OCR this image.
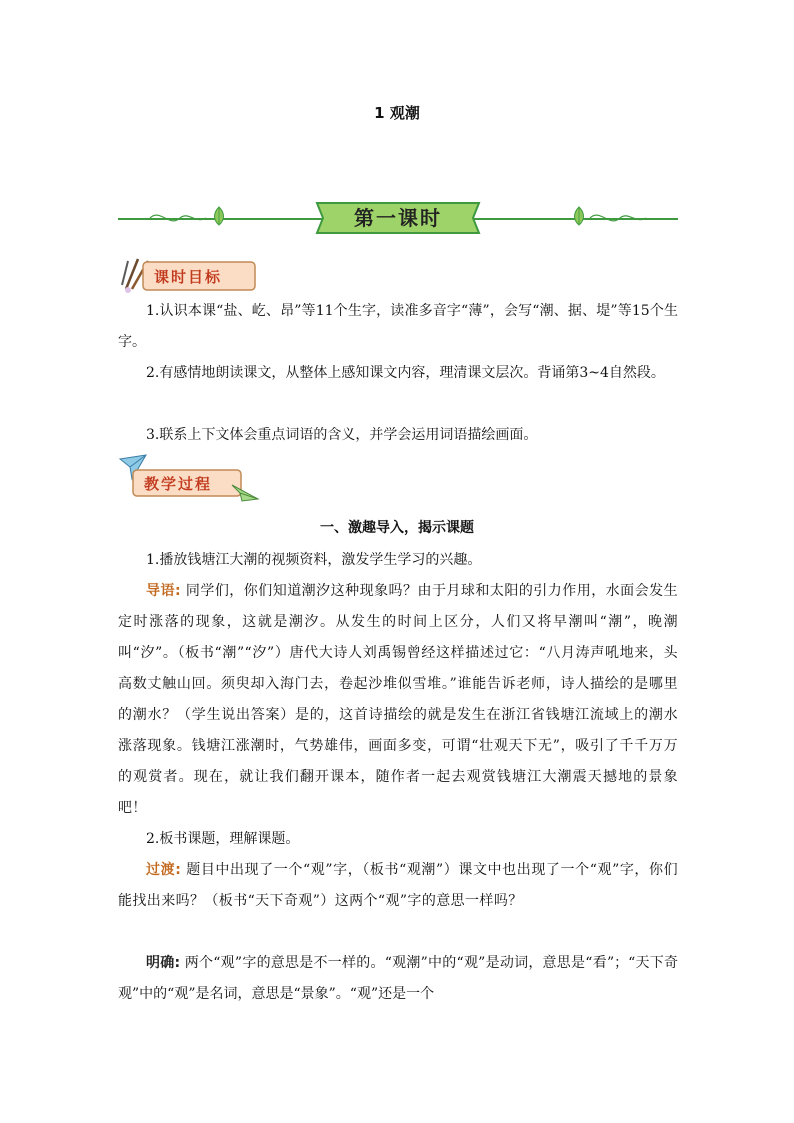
1 观潮
第一课时
课时目标

1.认识本课“盐、屹、昂”等11个生字，读准多音字“薄”，会写“潮、据、堤”等15个生字。

2.有感情地朗读课文，从整体上感知课文内容，理清课文层次。背诵第3~4自然段。

3.联系上下文体会重点词语的含义，并学会运用词语描绘画面。

教学过程
一、激趣导入，揭示课题

1.播放钱塘江大潮的视频资料，激发学生学习的兴趣。

导语: 同学们，你们知道潮汐这种现象吗？由于月球和太阳的引力作用，水面会发生定时涨落的现象，这就是潮汐。从发生的时间上区分，人们又将早潮叫“潮”，晚潮叫“汐”。（板书“潮”“汐”）唐代大诗人刘禹锡曾经这样描述过它：“八月涛声吼地来，头高数丈触山回。须臾却入海门去，卷起沙堆似雪堆。”谁能告诉老师，诗人描绘的是哪里的潮水？（学生说出答案）是的，这首诗描绘的就是发生在浙江省钱塘江流域上的潮水涨落现象。钱塘江涨潮时，气势雄伟，画面多变，可谓“壮观天下无”，吸引了千千万万的观赏者。现在，就让我们翻开课本，随作者一起去观赏钱塘江大潮震天撼地的景象吧！

2.板书课题，理解课题。

过渡: 题目中出现了一个“观”字，（板书“观潮”）课文中也出现了一个“观”字，你们能找出来吗？（板书“天下奇观”）这两个“观”字的意思一样吗？

明确: 两个“观”字的意思是不一样的。“观潮”中的“观”是动词，意思是“看”；“天下奇观”中的“观”是名词，意思是“景象”。“观”还是一个
